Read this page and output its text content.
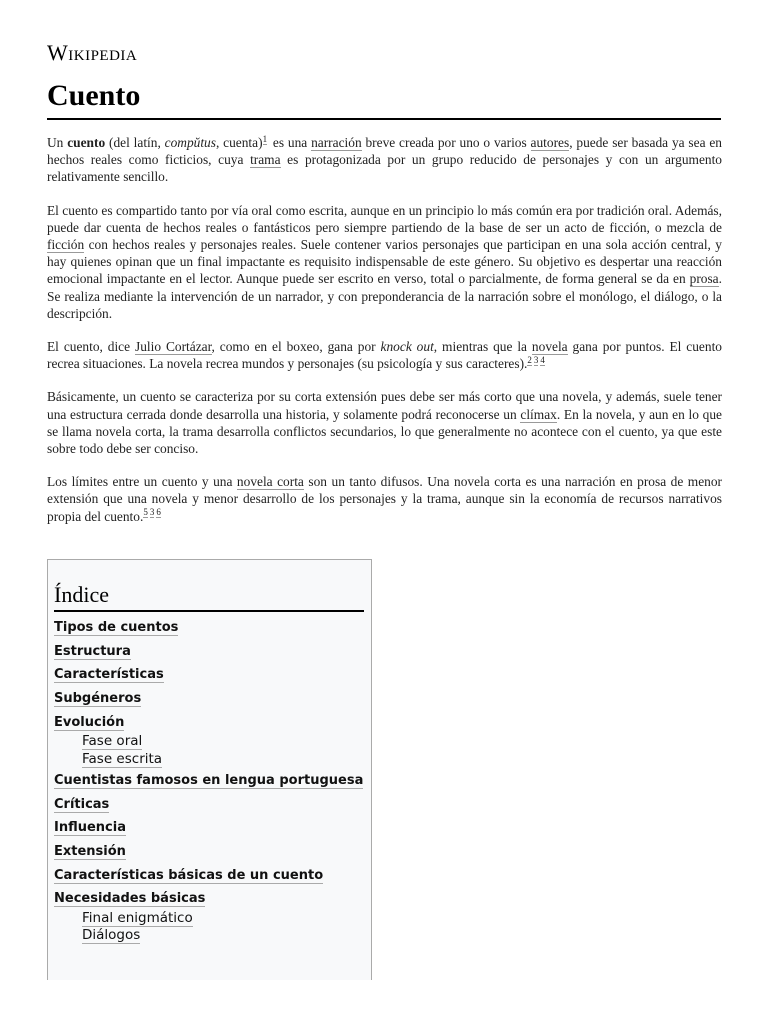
Wikipedia
Cuento

Un cuento (del latín, compŭtus, cuenta)$^1$ es una narración breve creada por uno o varios autores, puede ser basada ya sea en hechos reales como ficticios, cuya trama es protagonizada por un grupo reducido de personajes y con un argumento relativamente sencillo.

El cuento es compartido tanto por vía oral como escrita, aunque en un principio lo más común era por tradición oral. Además, puede dar cuenta de hechos reales o fantásticos pero siempre partiendo de la base de ser un acto de ficción, o mezcla de ficción con hechos reales y personajes reales. Suele contener varios personajes que participan en una sola acción central, y hay quienes opinan que un final impactante es requisito indispensable de este género. Su objetivo es despertar una reacción emocional impactante en el lector. Aunque puede ser escrito en verso, total o parcialmente, de forma general se da en prosa. Se realiza mediante la intervención de un narrador, y con preponderancia de la narración sobre el monólogo, el diálogo, o la descripción.

El cuento, dice Julio Cortázar, como en el boxeo, gana por knock out, mientras que la novela gana por puntos. El cuento recrea situaciones. La novela recrea mundos y personajes (su psicología y sus caracteres).$^{2 3 4}$

Básicamente, un cuento se caracteriza por su corta extensión pues debe ser más corto que una novela, y además, suele tener una estructura cerrada donde desarrolla una historia, y solamente podrá reconocerse un clímax. En la novela, y aun en lo que se llama novela corta, la trama desarrolla conflictos secundarios, lo que generalmente no acontece con el cuento, ya que este sobre todo debe ser conciso.

Los límites entre un cuento y una novela corta son un tanto difusos. Una novela corta es una narración en prosa de menor extensión que una novela y menor desarrollo de los personajes y la trama, aunque sin la economía de recursos narrativos propia del cuento.$^{5 3 6}$

Índice
Tipos de cuentos
Estructura
Características
Subgéneros
Evolución
Fase oral
Fase escrita
Cuentistas famosos en lengua portuguesa
Críticas
Influencia
Extensión
Características básicas de un cuento
Necesidades básicas
Final enigmático
Diálogos
